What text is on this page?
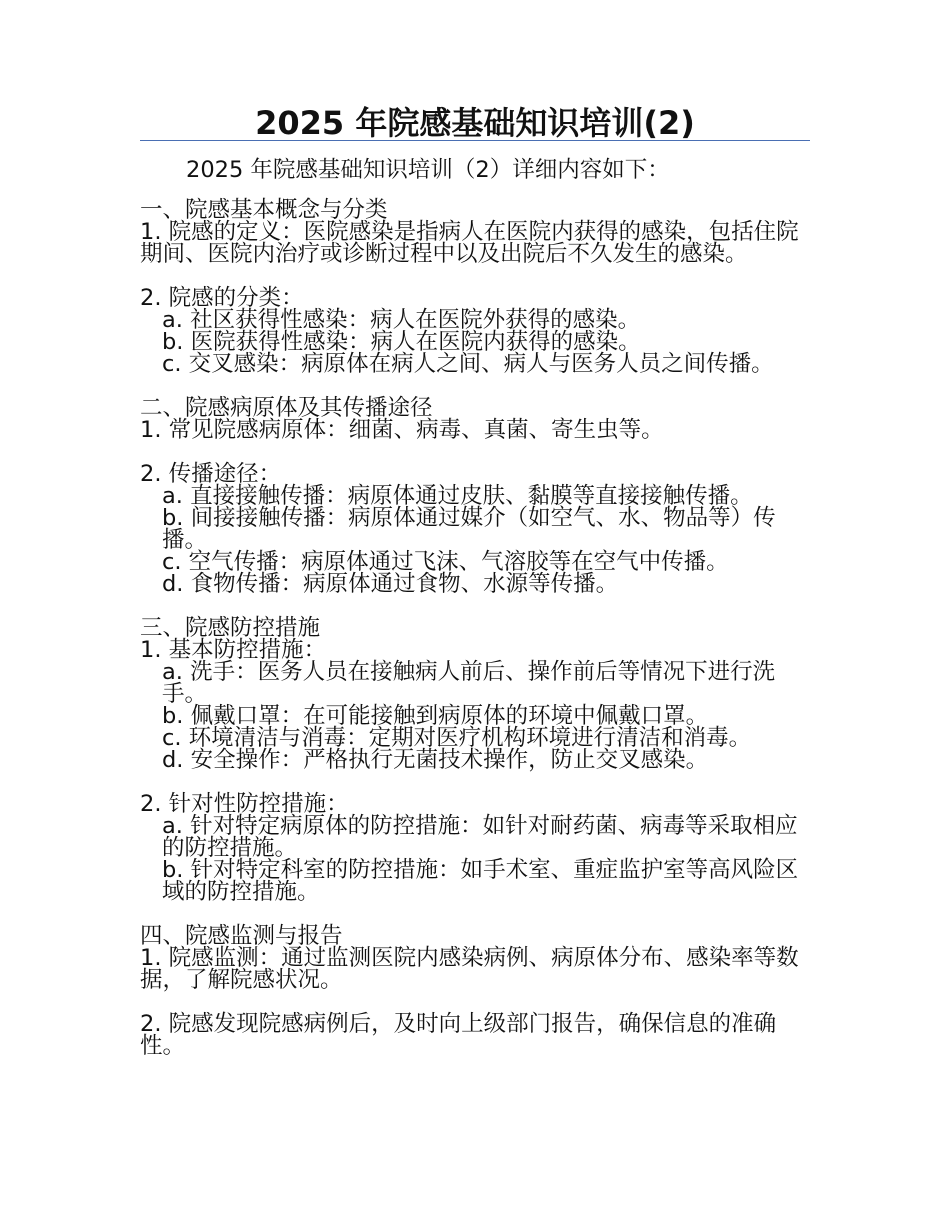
2025 年院感基础知识培训(2)
2025 年院感基础知识培训（2）详细内容如下：
一、院感基本概念与分类
1. 院感的定义：医院感染是指病人在医院内获得的感染，包括住院期间、医院内治疗或诊断过程中以及出院后不久发生的感染。
2. 院感的分类：
a. 社区获得性感染：病人在医院外获得的感染。
b. 医院获得性感染：病人在医院内获得的感染。
c. 交叉感染：病原体在病人之间、病人与医务人员之间传播。
二、院感病原体及其传播途径
1. 常见院感病原体：细菌、病毒、真菌、寄生虫等。
2. 传播途径：
a. 直接接触传播：病原体通过皮肤、黏膜等直接接触传播。
b. 间接接触传播：病原体通过媒介（如空气、水、物品等）传播。
c. 空气传播：病原体通过飞沫、气溶胶等在空气中传播。
d. 食物传播：病原体通过食物、水源等传播。
三、院感防控措施
1. 基本防控措施：
a. 洗手：医务人员在接触病人前后、操作前后等情况下进行洗手。
b. 佩戴口罩：在可能接触到病原体的环境中佩戴口罩。
c. 环境清洁与消毒：定期对医疗机构环境进行清洁和消毒。
d. 安全操作：严格执行无菌技术操作，防止交叉感染。
2. 针对性防控措施：
a. 针对特定病原体的防控措施：如针对耐药菌、病毒等采取相应的防控措施。
b. 针对特定科室的防控措施：如手术室、重症监护室等高风险区域的防控措施。
四、院感监测与报告
1. 院感监测：通过监测医院内感染病例、病原体分布、感染率等数据，了解院感状况。
2. 院感发现院感病例后，及时向上级部门报告，确保信息的准确性。
